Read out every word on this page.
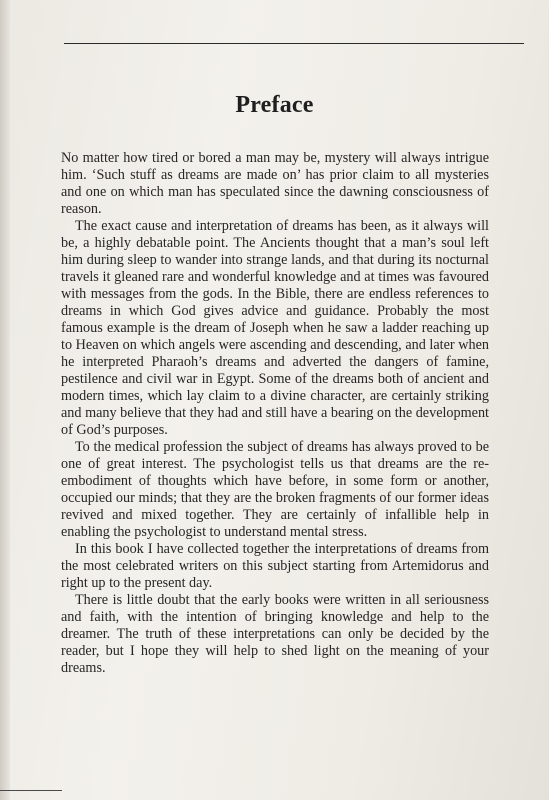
Preface

No matter how tired or bored a man may be, mystery will always intrigue him. ‘Such stuff as dreams are made on’ has prior claim to all mysteries and one on which man has speculated since the dawning consciousness of reason.

The exact cause and interpretation of dreams has been, as it always will be, a highly debatable point. The Ancients thought that a man’s soul left him during sleep to wander into strange lands, and that during its nocturnal travels it gleaned rare and wonderful knowledge and at times was favoured with messages from the gods. In the Bible, there are endless references to dreams in which God gives advice and guidance. Probably the most famous example is the dream of Joseph when he saw a ladder reaching up to Heaven on which angels were ascending and descending, and later when he interpreted Pharaoh’s dreams and adverted the dangers of famine, pestilence and civil war in Egypt. Some of the dreams both of ancient and modern times, which lay claim to a divine character, are certainly striking and many believe that they had and still have a bearing on the development of God’s purposes.

To the medical profession the subject of dreams has always proved to be one of great interest. The psychologist tells us that dreams are the re-embodiment of thoughts which have before, in some form or another, occupied our minds; that they are the broken fragments of our former ideas revived and mixed together. They are certainly of infallible help in enabling the psychologist to understand mental stress.

In this book I have collected together the interpretations of dreams from the most celebrated writers on this subject starting from Artemidorus and right up to the present day.

There is little doubt that the early books were written in all seriousness and faith, with the intention of bringing knowledge and help to the dreamer. The truth of these interpretations can only be decided by the reader, but I hope they will help to shed light on the meaning of your dreams.
